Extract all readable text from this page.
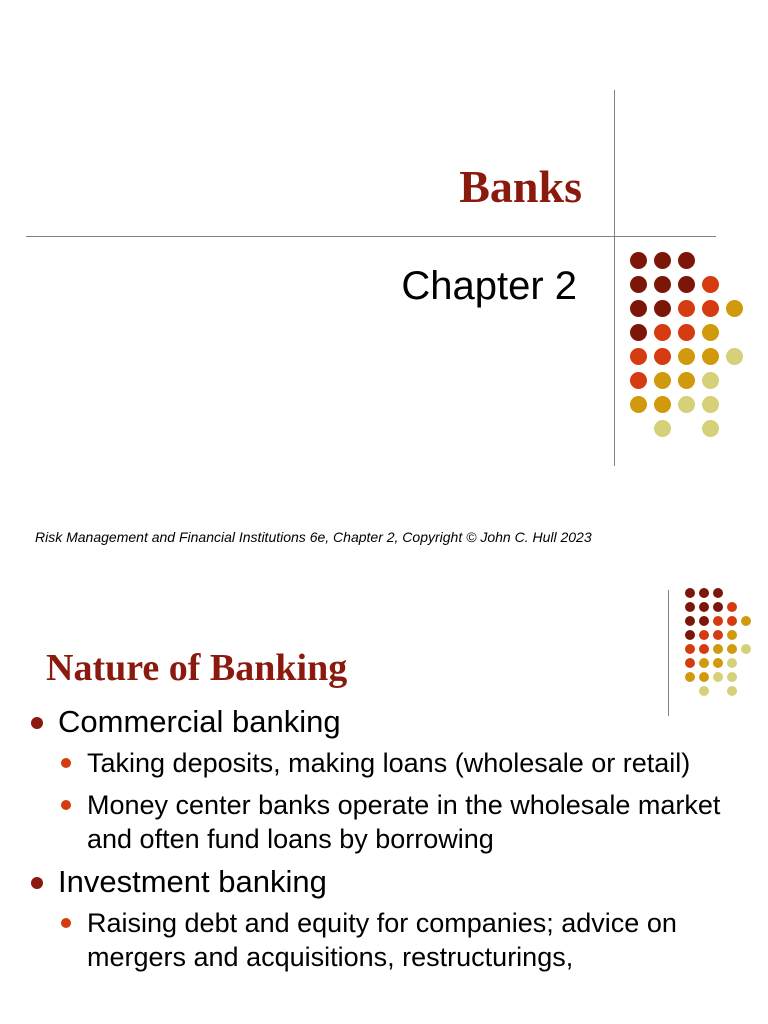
Banks
Chapter 2
Risk Management and Financial Institutions 6e, Chapter 2, Copyright © John C. Hull 2023
Nature of Banking
Commercial banking
Taking deposits, making loans (wholesale or retail)
Money center banks operate in the wholesale market and often fund loans by borrowing
Investment banking
Raising debt and equity for companies; advice on mergers and acquisitions, restructurings,
